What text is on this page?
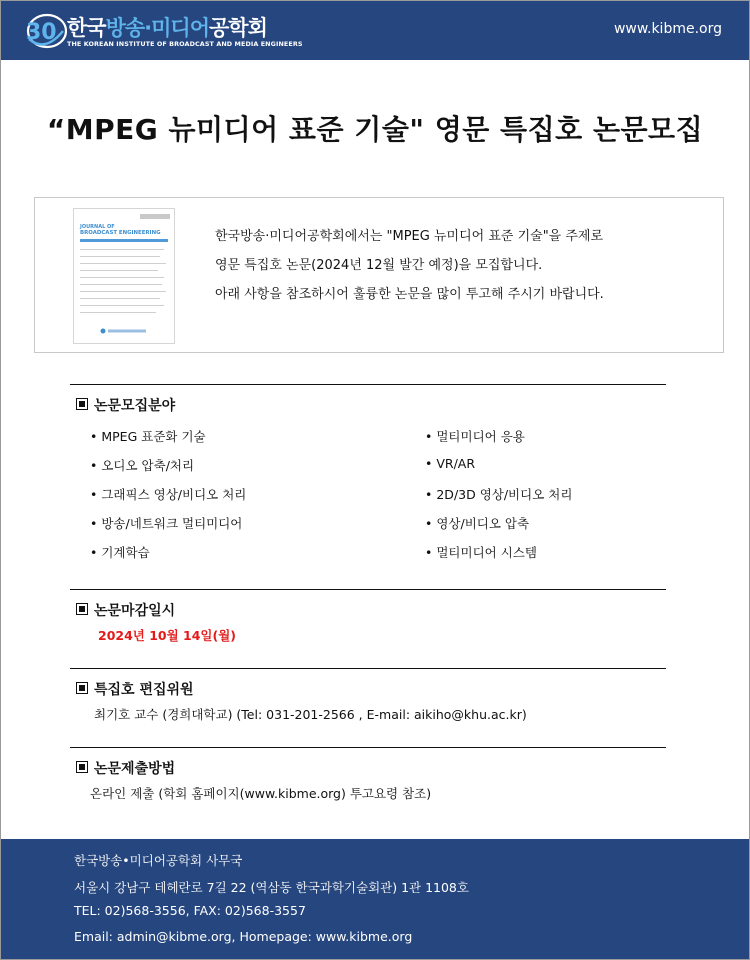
30 한국방송·미디어공학회
THE KOREAN INSTITUTE OF BROADCAST AND MEDIA ENGINEERS
www.kibme.org
“MPEG 뉴미디어 표준 기술" 영문 특집호 논문모집
JOURNAL OF
BROADCAST ENGINEERING	한국방송·미디어공학회에서는 "MPEG 뉴미디어 표준 기술"을 주제로
영문 특집호 논문(2024년 12월 발간 예정)을 모집합니다.
아래 사항을 참조하시어 훌륭한 논문을 많이 투고해 주시기 바랍니다.
논문모집분야
• MPEG 표준화 기술
• 오디오 압축/처리
• 그래픽스 영상/비디오 처리
• 방송/네트워크 멀티미디어
• 기계학습
• 멀티미디어 응용
• VR/AR
• 2D/3D 영상/비디오 처리
• 영상/비디오 압축
• 멀티미디어 시스템
논문마감일시
2024년 10월 14일(월)
특집호 편집위원
최기호 교수 (경희대학교) (Tel: 031-201-2566 , E-mail: aikiho@khu.ac.kr)
논문제출방법
온라인 제출 (학회 홈페이지(www.kibme.org) 투고요령 참조)
한국방송•미디어공학회 사무국
서울시 강남구 테헤란로 7길 22 (역삼동 한국과학기술회관) 1관 1108호
TEL: 02)568-3556, FAX: 02)568-3557
Email: admin@kibme.org, Homepage: www.kibme.org
